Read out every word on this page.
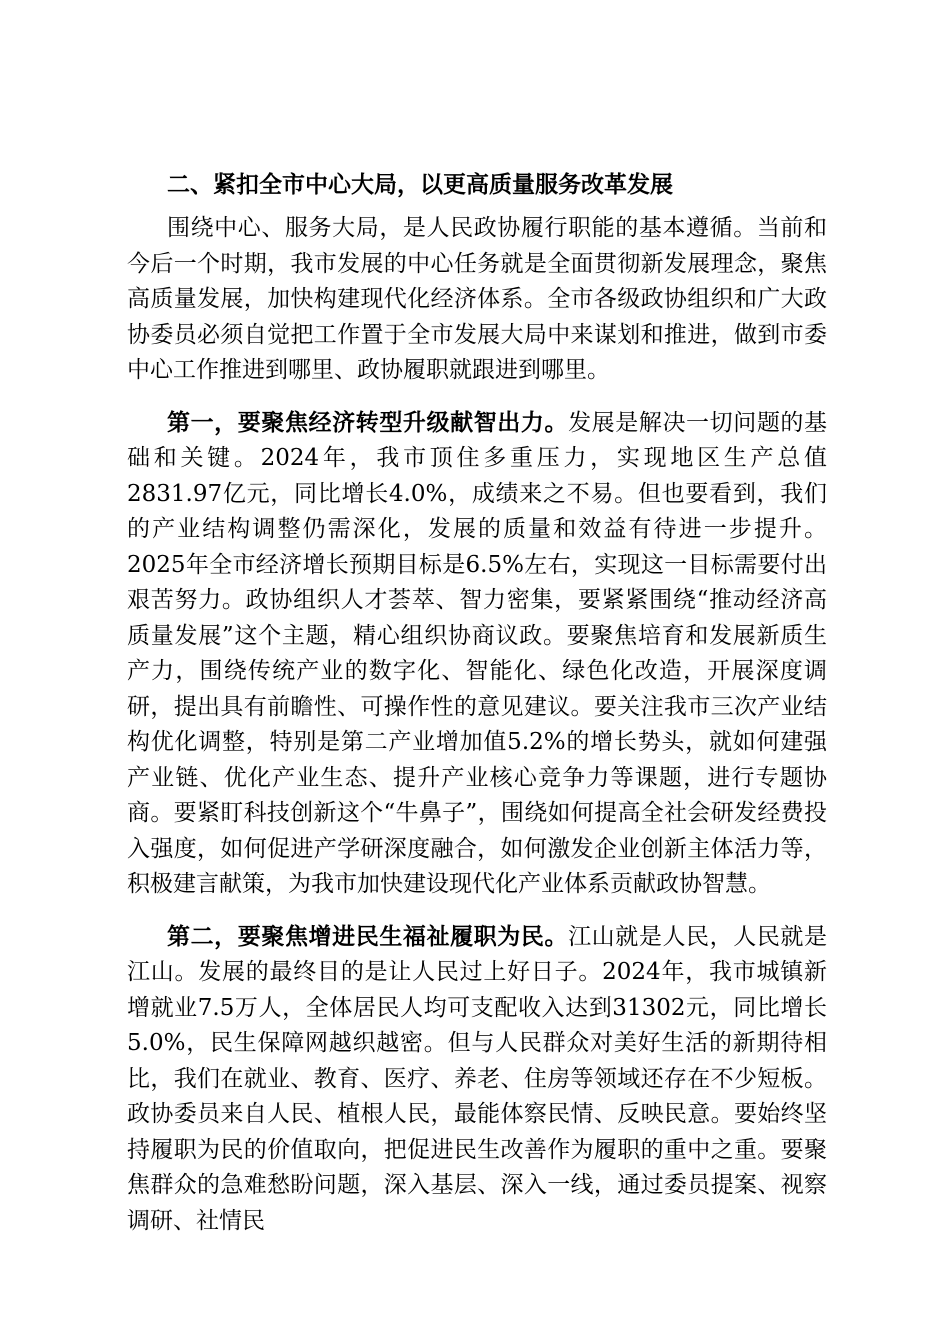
二、紧扣全市中心大局，以更高质量服务改革发展

围绕中心、服务大局，是人民政协履行职能的基本遵循。当前和今后一个时期，我市发展的中心任务就是全面贯彻新发展理念，聚焦高质量发展，加快构建现代化经济体系。全市各级政协组织和广大政协委员必须自觉把工作置于全市发展大局中来谋划和推进，做到市委中心工作推进到哪里、政协履职就跟进到哪里。

第一，要聚焦经济转型升级献智出力。发展是解决一切问题的基础和关键。2024年，我市顶住多重压力，实现地区生产总值2831.97亿元，同比增长4.0%，成绩来之不易。但也要看到，我们的产业结构调整仍需深化，发展的质量和效益有待进一步提升。2025年全市经济增长预期目标是6.5%左右，实现这一目标需要付出艰苦努力。政协组织人才荟萃、智力密集，要紧紧围绕“推动经济高质量发展”这个主题，精心组织协商议政。要聚焦培育和发展新质生产力，围绕传统产业的数字化、智能化、绿色化改造，开展深度调研，提出具有前瞻性、可操作性的意见建议。要关注我市三次产业结构优化调整，特别是第二产业增加值5.2%的增长势头，就如何建强产业链、优化产业生态、提升产业核心竞争力等课题，进行专题协商。要紧盯科技创新这个“牛鼻子”，围绕如何提高全社会研发经费投入强度，如何促进产学研深度融合，如何激发企业创新主体活力等，积极建言献策，为我市加快建设现代化产业体系贡献政协智慧。

第二，要聚焦增进民生福祉履职为民。江山就是人民，人民就是江山。发展的最终目的是让人民过上好日子。2024年，我市城镇新增就业7.5万人，全体居民人均可支配收入达到31302元，同比增长5.0%，民生保障网越织越密。但与人民群众对美好生活的新期待相比，我们在就业、教育、医疗、养老、住房等领域还存在不少短板。政协委员来自人民、植根人民，最能体察民情、反映民意。要始终坚持履职为民的价值取向，把促进民生改善作为履职的重中之重。要聚焦群众的急难愁盼问题，深入基层、深入一线，通过委员提案、视察调研、社情民
